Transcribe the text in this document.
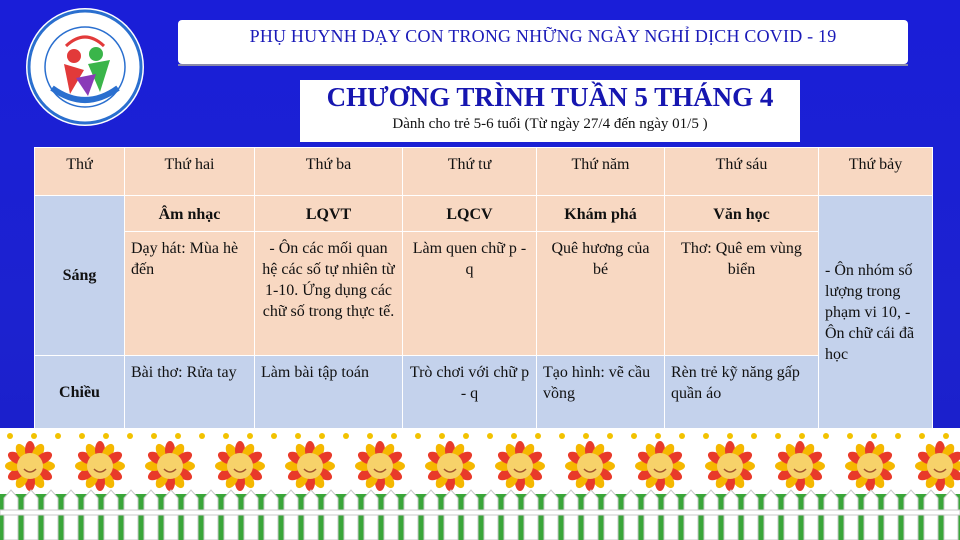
PHỤ HUYNH DẠY CON TRONG NHỮNG NGÀY NGHỈ DỊCH COVID - 19
CHƯƠNG TRÌNH TUẦN 5 THÁNG 4
Dành cho trẻ 5-6 tuổi (Từ ngày 27/4 đến ngày 01/5 )
Thứ	Thứ hai	Thứ ba	Thứ tư	Thứ năm	Thứ sáu	Thứ bảy
Sáng	Âm nhạc	LQVT	LQCV	Khám phá	Văn học	- Ôn nhóm số lượng trong phạm vi 10, - Ôn chữ cái đã học
	Dạy hát: Mùa hè đến	- Ôn các mối quan hệ các số tự nhiên từ 1-10. Ứng dụng các chữ số trong thực tế.	Làm quen chữ p - q	Quê hương của bé	Thơ: Quê em vùng biển	
Chiều	Bài thơ: Rửa tay	Làm bài tập toán	Trò chơi với chữ p - q	Tạo hình: vẽ cầu vồng	Rèn trẻ kỹ năng gấp quần áo	
